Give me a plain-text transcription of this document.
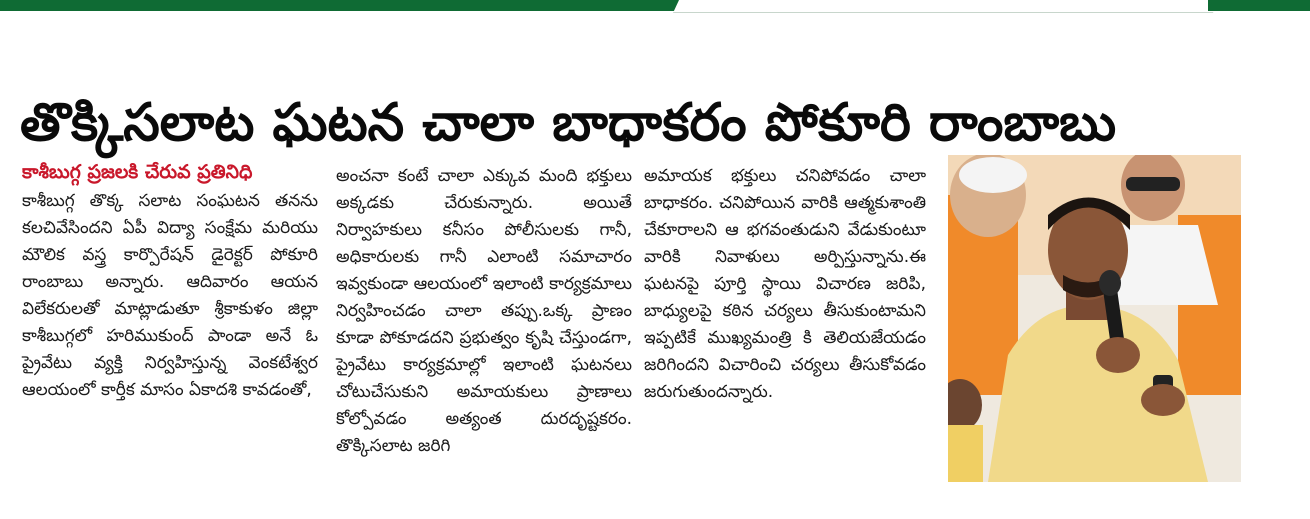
తొక్కిసలాట ఘటన చాలా బాధాకరం పోకూరి రాంబాబు
కాశీబుగ్గ ప్రజలకి చేరువ ప్రతినిధి

కాశీబుగ్గ తొక్క సలాట సంఘటన తనను కలచివేసిందని ఏపీ విద్యా సంక్షేమ మరియు మౌలిక వస్త్ర కార్పొరేషన్ డైరెక్టర్ పోకూరి రాంబాబు అన్నారు. ఆదివారం ఆయన విలేకరులతో మాట్లాడుతూ శ్రీకాకుళం జిల్లా కాశీబుగ్గలో హరిముకుంద్ పాండా అనే ఓ ప్రైవేటు వ్యక్తి నిర్వహిస్తున్న వెంకటేశ్వర ఆలయంలో కార్తీక మాసం ఏకాదశి కావడంతో,

అంచనా కంటే చాలా ఎక్కువ మంది భక్తులు అక్కడకు చేరుకున్నారు. అయితే నిర్వాహకులు కనీసం పోలీసులకు గానీ, అధికారులకు గానీ ఎలాంటి సమాచారం ఇవ్వకుండా ఆలయంలో ఇలాంటి కార్యక్రమాలు నిర్వహించడం చాలా తప్పు.ఒక్క ప్రాణం కూడా పోకూడదని ప్రభుత్వం కృషి చేస్తుండగా, ప్రైవేటు కార్యక్రమాల్లో ఇలాంటి ఘటనలు చోటుచేసుకుని అమాయకులు ప్రాణాలు కోల్పోవడం అత్యంత దురదృష్టకరం. తొక్కిసలాట జరిగి

అమాయక భక్తులు చనిపోవడం చాలా బాధాకరం. చనిపోయిన వారికి ఆత్మకుశాంతి చేకూరాలని ఆ భగవంతుడుని వేడుకుంటూ వారికి నివాళులు అర్పిస్తున్నాను.ఈ ఘటనపై పూర్తి స్థాయి విచారణ జరిపి, బాధ్యులపై కఠిన చర్యలు తీసుకుంటామని ఇప్పటికే ముఖ్యమంత్రి కి తెలియజేయడం జరిగిందని విచారించి చర్యలు తీసుకోవడం జరుగుతుందన్నారు.
